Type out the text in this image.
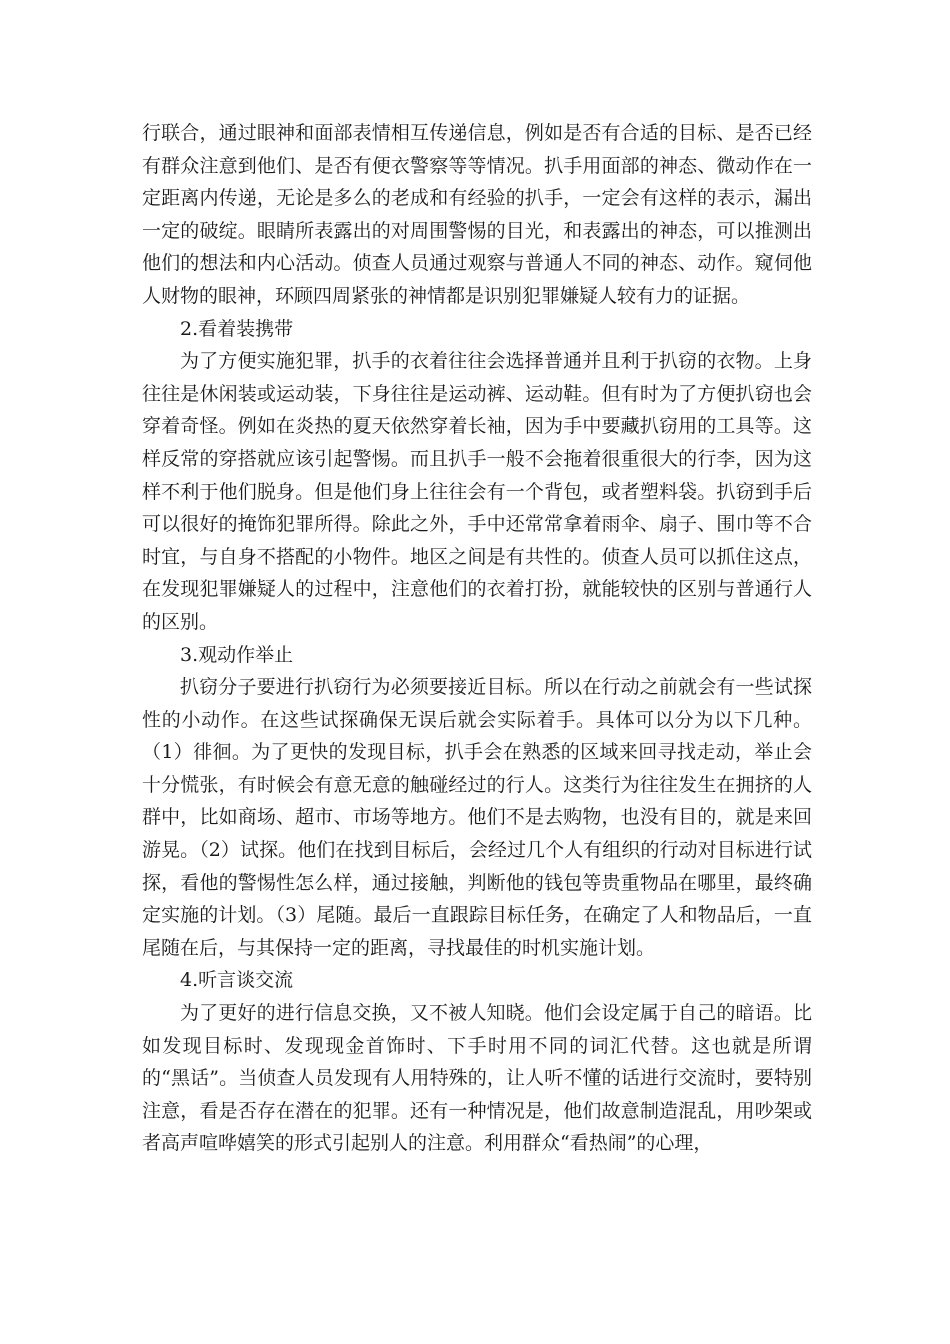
行联合，通过眼神和面部表情相互传递信息，例如是否有合适的目标、是否已经有群众注意到他们、是否有便衣警察等等情况。扒手用面部的神态、微动作在一定距离内传递，无论是多么的老成和有经验的扒手，一定会有这样的表示，漏出一定的破绽。眼睛所表露出的对周围警惕的目光，和表露出的神态，可以推测出他们的想法和内心活动。侦查人员通过观察与普通人不同的神态、动作。窥伺他人财物的眼神，环顾四周紧张的神情都是识别犯罪嫌疑人较有力的证据。

2.看着装携带

为了方便实施犯罪，扒手的衣着往往会选择普通并且利于扒窃的衣物。上身往往是休闲装或运动装，下身往往是运动裤、运动鞋。但有时为了方便扒窃也会穿着奇怪。例如在炎热的夏天依然穿着长袖，因为手中要藏扒窃用的工具等。这样反常的穿搭就应该引起警惕。而且扒手一般不会拖着很重很大的行李，因为这样不利于他们脱身。但是他们身上往往会有一个背包，或者塑料袋。扒窃到手后可以很好的掩饰犯罪所得。除此之外，手中还常常拿着雨伞、扇子、围巾等不合时宜，与自身不搭配的小物件。地区之间是有共性的。侦查人员可以抓住这点，在发现犯罪嫌疑人的过程中，注意他们的衣着打扮，就能较快的区别与普通行人的区别。

3.观动作举止

扒窃分子要进行扒窃行为必须要接近目标。所以在行动之前就会有一些试探性的小动作。在这些试探确保无误后就会实际着手。具体可以分为以下几种。（1）徘徊。为了更快的发现目标，扒手会在熟悉的区域来回寻找走动，举止会十分慌张，有时候会有意无意的触碰经过的行人。这类行为往往发生在拥挤的人群中，比如商场、超市、市场等地方。他们不是去购物，也没有目的，就是来回游晃。（2）试探。他们在找到目标后，会经过几个人有组织的行动对目标进行试探，看他的警惕性怎么样，通过接触，判断他的钱包等贵重物品在哪里，最终确定实施的计划。（3）尾随。最后一直跟踪目标任务，在确定了人和物品后，一直尾随在后，与其保持一定的距离，寻找最佳的时机实施计划。

4.听言谈交流

为了更好的进行信息交换，又不被人知晓。他们会设定属于自己的暗语。比如发现目标时、发现现金首饰时、下手时用不同的词汇代替。这也就是所谓的“黑话”。当侦查人员发现有人用特殊的，让人听不懂的话进行交流时，要特别注意，看是否存在潜在的犯罪。还有一种情况是，他们故意制造混乱，用吵架或者高声喧哗嬉笑的形式引起别人的注意。利用群众“看热闹”的心理，
